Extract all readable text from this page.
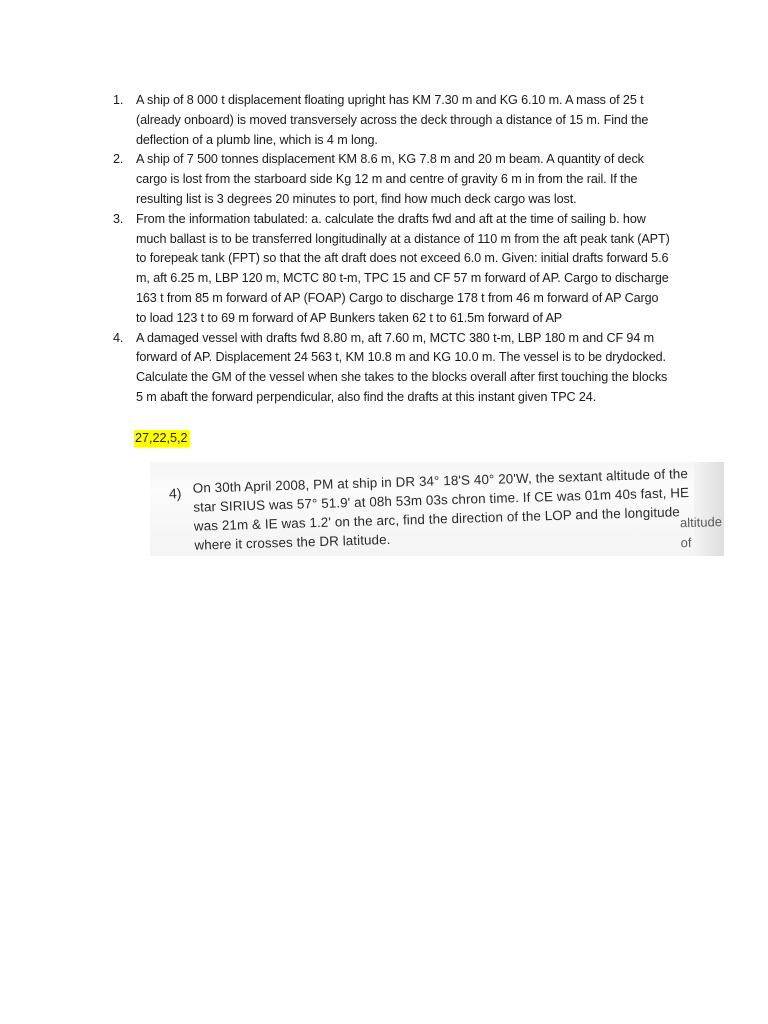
1. A ship of 8 000 t displacement floating upright has KM 7.30 m and KG 6.10 m. A mass of 25 t (already onboard) is moved transversely across the deck through a distance of 15 m. Find the deflection of a plumb line, which is 4 m long.
2. A ship of 7 500 tonnes displacement KM 8.6 m, KG 7.8 m and 20 m beam. A quantity of deck cargo is lost from the starboard side Kg 12 m and centre of gravity 6 m in from the rail. If the resulting list is 3 degrees 20 minutes to port, find how much deck cargo was lost.
3. From the information tabulated: a. calculate the drafts fwd and aft at the time of sailing b. how much ballast is to be transferred longitudinally at a distance of 110 m from the aft peak tank (APT) to forepeak tank (FPT) so that the aft draft does not exceed 6.0 m. Given: initial drafts forward 5.6 m, aft 6.25 m, LBP 120 m, MCTC 80 t-m, TPC 15 and CF 57 m forward of AP. Cargo to discharge 163 t from 85 m forward of AP (FOAP) Cargo to discharge 178 t from 46 m forward of AP Cargo to load 123 t to 69 m forward of AP Bunkers taken 62 t to 61.5m forward of AP
4. A damaged vessel with drafts fwd 8.80 m, aft 7.60 m, MCTC 380 t-m, LBP 180 m and CF 94 m forward of AP. Displacement 24 563 t, KM 10.8 m and KG 10.0 m. The vessel is to be drydocked. Calculate the GM of the vessel when she takes to the blocks overall after first touching the blocks 5 m abaft the forward perpendicular, also find the drafts at this instant given TPC 24.
27,22,5,2
4) On 30th April 2008, PM at ship in DR 34° 18'S 40° 20'W, the sextant altitude of the star SIRIUS was 57° 51.9' at 08h 53m 03s chron time. If CE was 01m 40s fast, HE was 21m & IE was 1.2' on the arc, find the direction of the LOP and the longitude where it crosses the DR latitude.

altitude of
